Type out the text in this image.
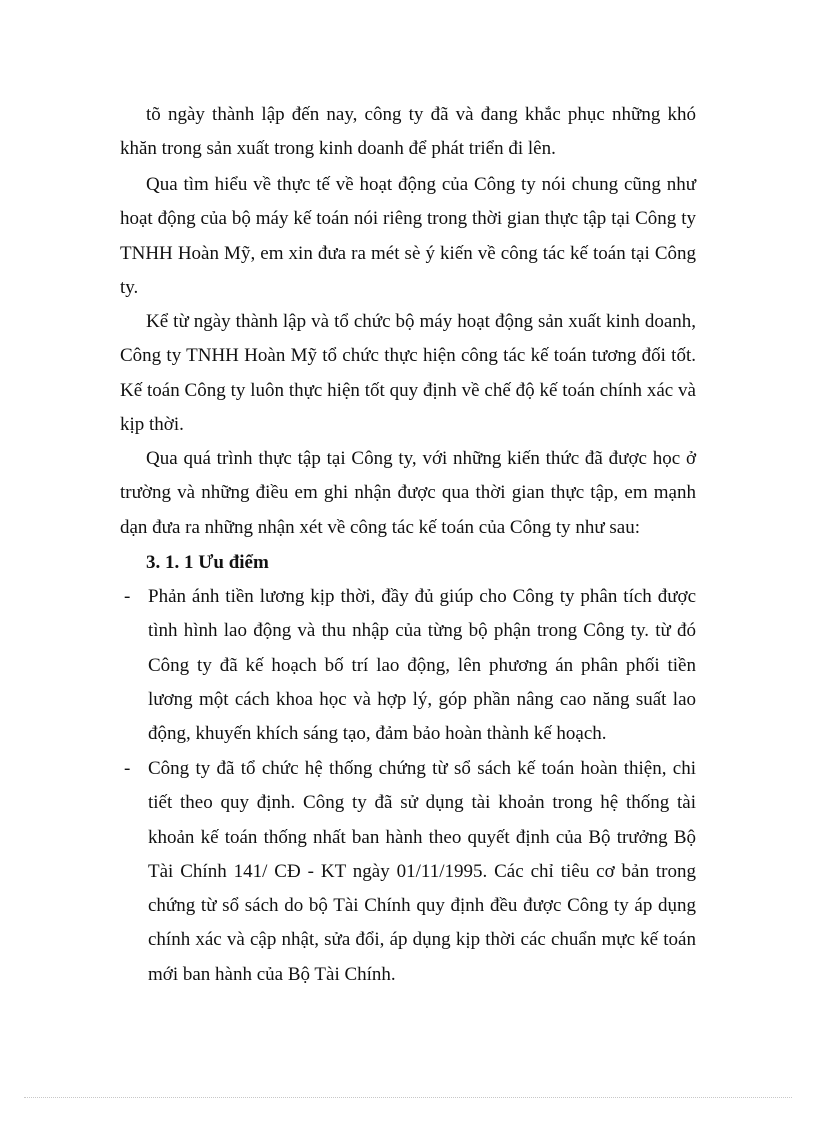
tõ ngày thành lập đến nay, công ty đã và đang khắc phục những khó khăn trong sản xuất trong kinh doanh để phát triển đi lên.

Qua tìm hiểu về thực tế về hoạt động của Công ty nói chung cũng như hoạt động của bộ máy kế toán nói riêng trong thời gian thực tập tại Công ty TNHH Hoàn Mỹ, em xin đưa ra mét sè ý kiến về công tác kế toán tại Công ty.

Kể từ ngày thành lập và tổ chức bộ máy hoạt động sản xuất kinh doanh, Công ty TNHH Hoàn Mỹ tổ chức thực hiện công tác kế toán tương đối tốt. Kế toán Công ty luôn thực hiện tốt quy định về chế độ kế toán chính xác và kịp thời.

Qua quá trình thực tập tại Công ty, với những kiến thức đã được học ở trường và những điều em ghi nhận được qua thời gian thực tập, em mạnh dạn đưa ra những nhận xét về công tác kế toán của Công ty như sau:

3. 1. 1 Ưu điểm

- Phản ánh tiền lương kịp thời, đầy đủ giúp cho Công ty phân tích được tình hình lao động và thu nhập của từng bộ phận trong Công ty. từ đó Công ty đã kế hoạch bố trí lao động, lên phương án phân phối tiền lương một cách khoa học và hợp lý, góp phần nâng cao năng suất lao động, khuyến khích sáng tạo, đảm bảo hoàn thành kế hoạch.
- Công ty đã tổ chức hệ thống chứng từ sổ sách kế toán hoàn thiện, chi tiết theo quy định. Công ty đã sử dụng tài khoản trong hệ thống tài khoản kế toán thống nhất ban hành theo quyết định của Bộ trưởng Bộ Tài Chính 141/ CĐ - KT ngày 01/11/1995. Các chỉ tiêu cơ bản trong chứng từ sổ sách do bộ Tài Chính quy định đều được Công ty áp dụng chính xác và cập nhật, sửa đổi, áp dụng kịp thời các chuẩn mực kế toán mới ban hành của Bộ Tài Chính.
